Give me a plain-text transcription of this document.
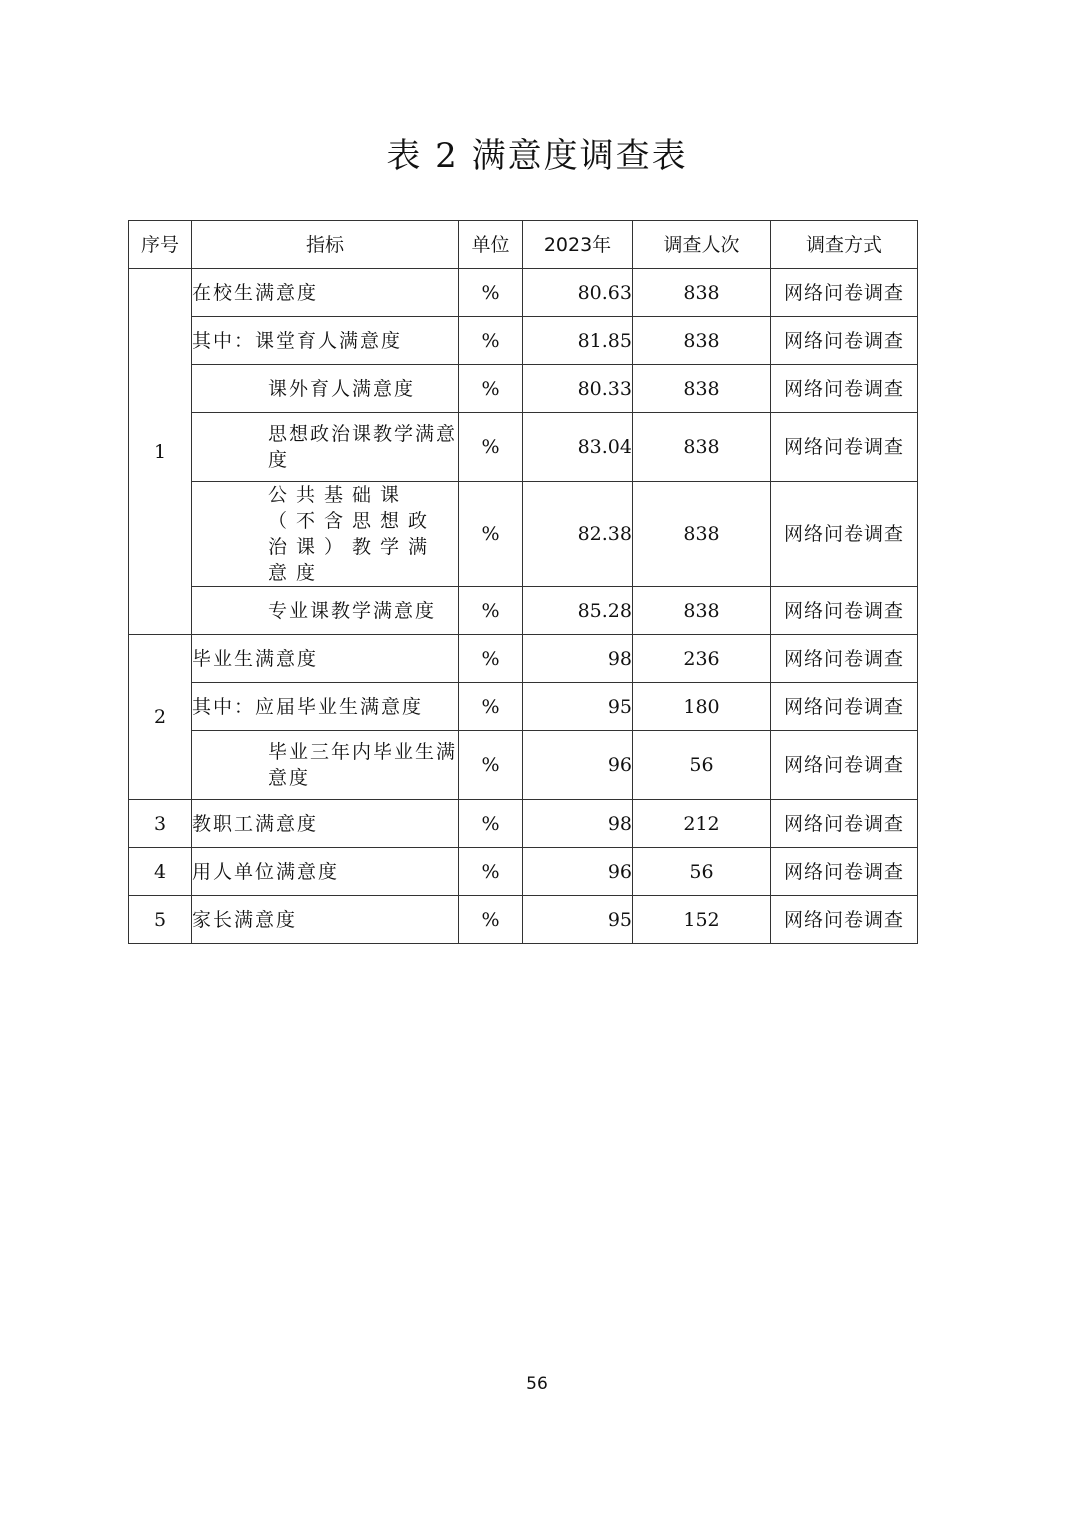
表 2 满意度调查表
序号	指标	单位	2023年	调查人次	调查方式
1	在校生满意度	%	80.63	838	网络问卷调查
	其中：课堂育人满意度	%	81.85	838	网络问卷调查
	课外育人满意度	%	80.33	838	网络问卷调查
	思想政治课教学满意度	%	83.04	838	网络问卷调查
	公共基础课（不含思想政治课）教学满意度	%	82.38	838	网络问卷调查
	专业课教学满意度	%	85.28	838	网络问卷调查
2	毕业生满意度	%	98	236	网络问卷调查
	其中：应届毕业生满意度	%	95	180	网络问卷调查
	毕业三年内毕业生满意度	%	96	56	网络问卷调查
3	教职工满意度	%	98	212	网络问卷调查
4	用人单位满意度	%	96	56	网络问卷调查
5	家长满意度	%	95	152	网络问卷调查
56
